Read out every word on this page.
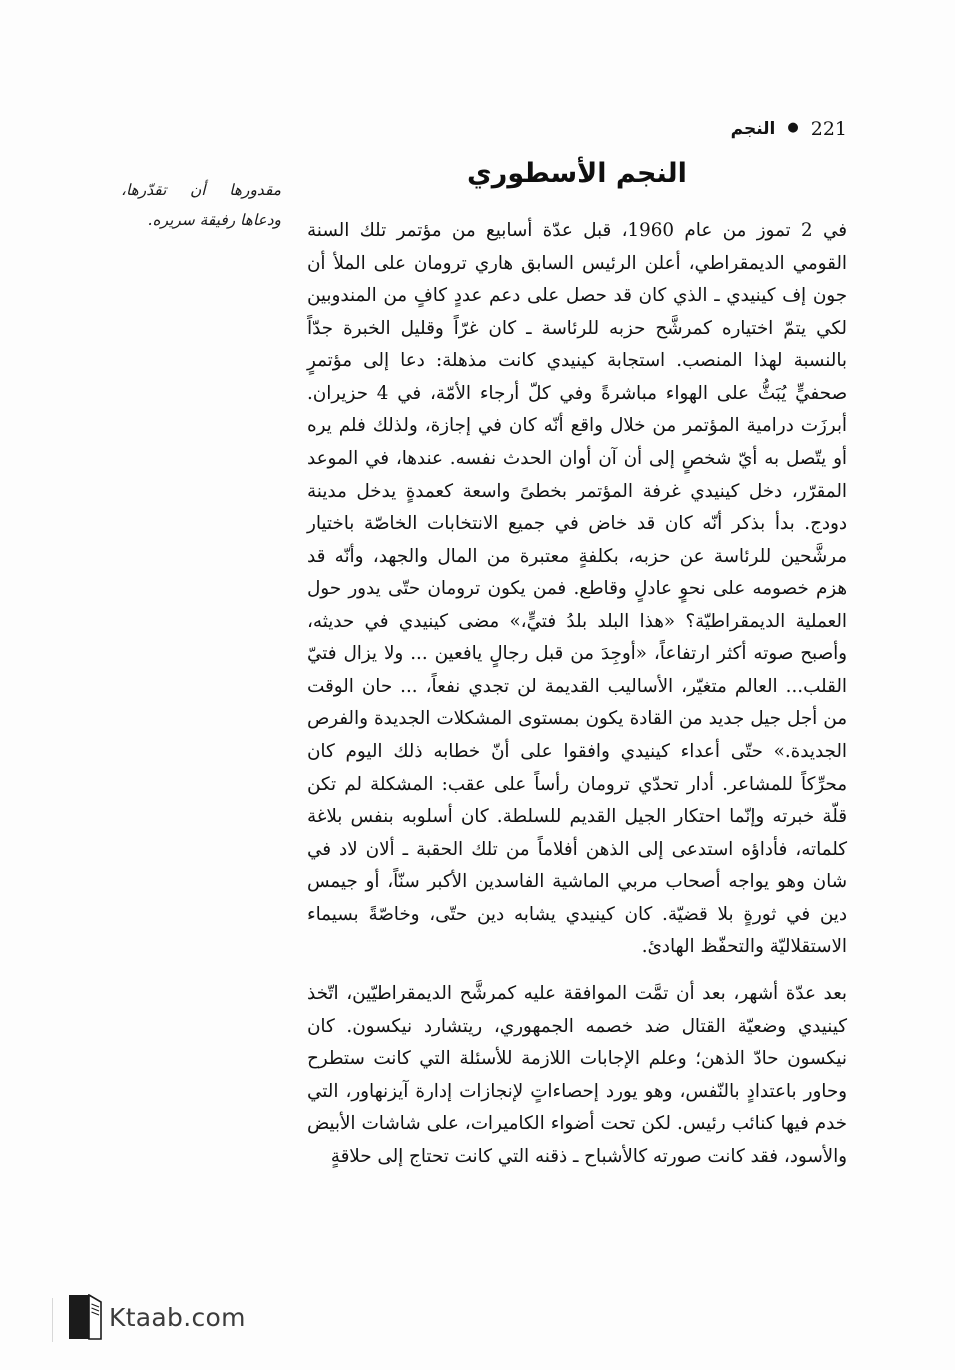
221
●
النجم
النجم الأسطوري

في 2 تموز من عام 1960، قبل عدّة أسابيع من مؤتمر تلك السنة القومي الديمقراطي، أعلن الرئيس السابق هاري ترومان على الملأ أن جون إف كينيدي ـ الذي كان قد حصل على دعم عددٍ كافٍ من المندوبين لكي يتمّ اختياره كمرشَّح حزبه للرئاسة ـ كان غرّاً وقليل الخبرة جدّاً بالنسبة لهذا المنصب. استجابة كينيدي كانت مذهلة: دعا إلى مؤتمرٍ صحفيٍّ يُبَثُّ على الهواء مباشرةً وفي كلّ أرجاء الأمّة، في 4 حزيران. أبرزَت درامية المؤتمر من خلال واقع أنّه كان في إجازة، ولذلك فلم يره أو يتّصل به أيّ شخصٍ إلى أن آن أوان الحدث نفسه. عندها، في الموعد المقرّر، دخل كينيدي غرفة المؤتمر بخطىً واسعة كعمدةٍ يدخل مدينة دودج. بدأ بذكر أنّه كان قد خاض في جميع الانتخابات الخاصّة باختيار مرشَّحين للرئاسة عن حزبه، بكلفةٍ معتبرة من المال والجهد، وأنّه قد هزم خصومه على نحوٍ عادلٍ وقاطع. فمن يكون ترومان حتّى يدور حول العملية الديمقراطيّة؟ «هذا البلد بلدُ فتيٍّ،» مضى كينيدي في حديثه، وأصبح صوته أكثر ارتفاعاً، «أوجِدَ من قبل رجالٍ يافعين ... ولا يزال فتيّ القلب... العالم متغيّر، الأساليب القديمة لن تجدي نفعاً، ... حان الوقت من أجل جيل جديد من القادة يكون بمستوى المشكلات الجديدة والفرص الجديدة.» حتّى أعداء كينيدي وافقوا على أنّ خطابه ذلك اليوم كان محرِّكاً للمشاعر. أدار تحدّي ترومان رأساً على عقب: المشكلة لم تكن قلّة خبرته وإنّما احتكار الجيل القديم للسلطة. كان أسلوبه بنفس بلاغة كلماته، فأداؤه استدعى إلى الذهن أفلاماً من تلك الحقبة ـ ألان لاد في شان وهو يواجه أصحاب مربي الماشية الفاسدين الأكبر سنّاً، أو جيمس دين في ثورةٍ بلا قضيّة. كان كينيدي يشابه دين حتّى، وخاصّةً بسيماء الاستقلاليّة والتحفّظ الهادئ.

بعد عدّة أشهر، بعد أن تمَّت الموافقة عليه كمرشَّح الديمقراطيّين، اتّخذ كينيدي وضعيّة القتال ضد خصمه الجمهوري، ريتشارد نيكسون. كان نيكسون حادّ الذهن؛ وعلم الإجابات اللازمة للأسئلة التي كانت ستطرح وحاور باعتدادٍ بالنّفس، وهو يورد إحصاءاتٍ لإنجازات إدارة آيزنهاور، التي خدم فيها كنائب رئيس. لكن تحت أضواء الكاميرات، على شاشات الأبيض والأسود، فقد كانت صورته كالأشباح ـ ذقنه التي كانت تحتاج إلى حلاقةٍ

مقدورها أن تقدّرها، ودعاها رفيقة سريره.

Ktaab.com
